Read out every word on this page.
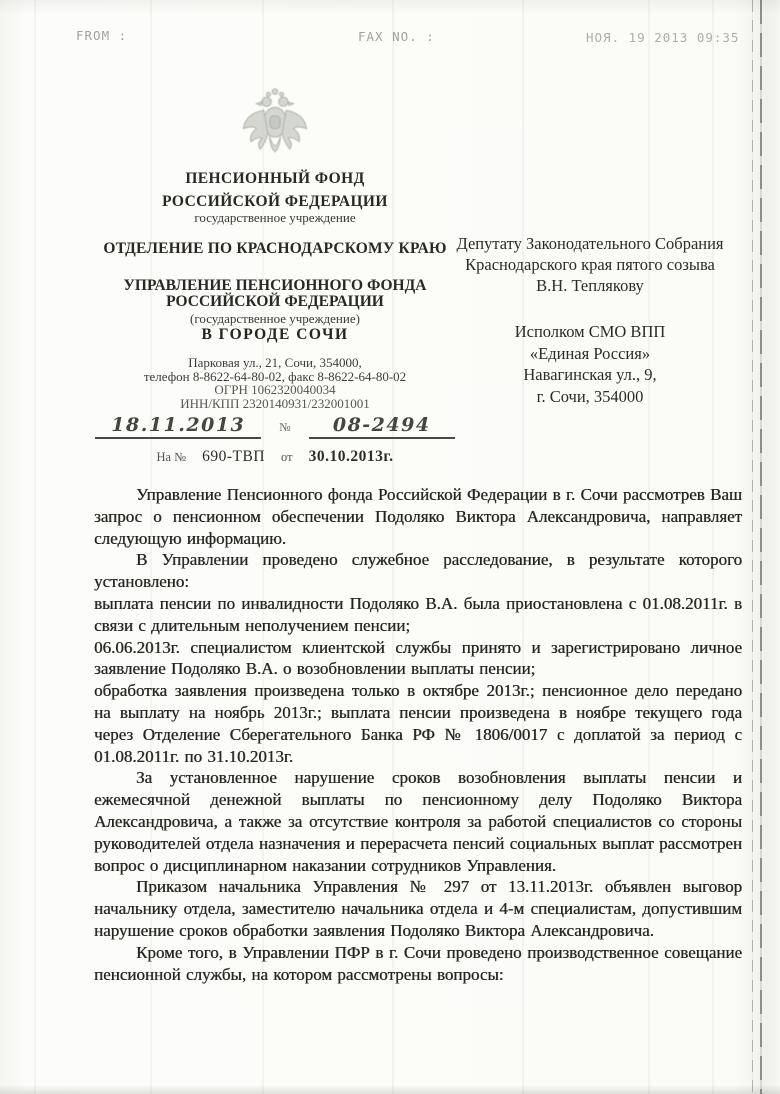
FROM :	FAX NO. :	НОЯ. 19 2013 09:35
ПЕНСИОННЫЙ ФОНД
РОССИЙСКОЙ ФЕДЕРАЦИИ
государственное учреждение
ОТДЕЛЕНИЕ ПО КРАСНОДАРСКОМУ КРАЮ
УПРАВЛЕНИЕ ПЕНСИОННОГО ФОНДА
РОССИЙСКОЙ ФЕДЕРАЦИИ
(государственное учреждение)
В ГОРОДЕ СОЧИ
Парковая ул., 21, Сочи, 354000,
телефон 8-8622-64-80-02, факс 8-8622-64-80-02
ОГРН 1062320040034
ИНН/КПП 2320140931/232001001
18.11.2013	№	08-2494
На № 690-ТВП от 30.10.2013г.
Депутату Законодательного Собрания
Краснодарского края пятого созыва
В.Н. Теплякову
Исполком СМО ВПП
«Единая Россия»
Навагинская ул., 9,
г. Сочи, 354000

Управление Пенсионного фонда Российской Федерации в г. Сочи рассмотрев Ваш запрос о пенсионном обеспечении Подоляко Виктора Александровича, направляет следующую информацию.

В Управлении проведено служебное расследование, в результате которого установлено:

выплата пенсии по инвалидности Подоляко В.А. была приостановлена с 01.08.2011г. в связи с длительным неполучением пенсии;

06.06.2013г. специалистом клиентской службы принято и зарегистрировано личное заявление Подоляко В.А. о возобновлении выплаты пенсии;

обработка заявления произведена только в октябре 2013г.; пенсионное дело передано на выплату на ноябрь 2013г.; выплата пенсии произведена в ноябре текущего года через Отделение Сберегательного Банка РФ № 1806/0017 с доплатой за период с 01.08.2011г. по 31.10.2013г.

За установленное нарушение сроков возобновления выплаты пенсии и ежемесячной денежной выплаты по пенсионному делу Подоляко Виктора Александровича, а также за отсутствие контроля за работой специалистов со стороны руководителей отдела назначения и перерасчета пенсий социальных выплат рассмотрен вопрос о дисциплинарном наказании сотрудников Управления.

Приказом начальника Управления № 297 от 13.11.2013г. объявлен выговор начальнику отдела, заместителю начальника отдела и 4-м специалистам, допустившим нарушение сроков обработки заявления Подоляко Виктора Александровича.

Кроме того, в Управлении ПФР в г. Сочи проведено производственное совещание пенсионной службы, на котором рассмотрены вопросы:
